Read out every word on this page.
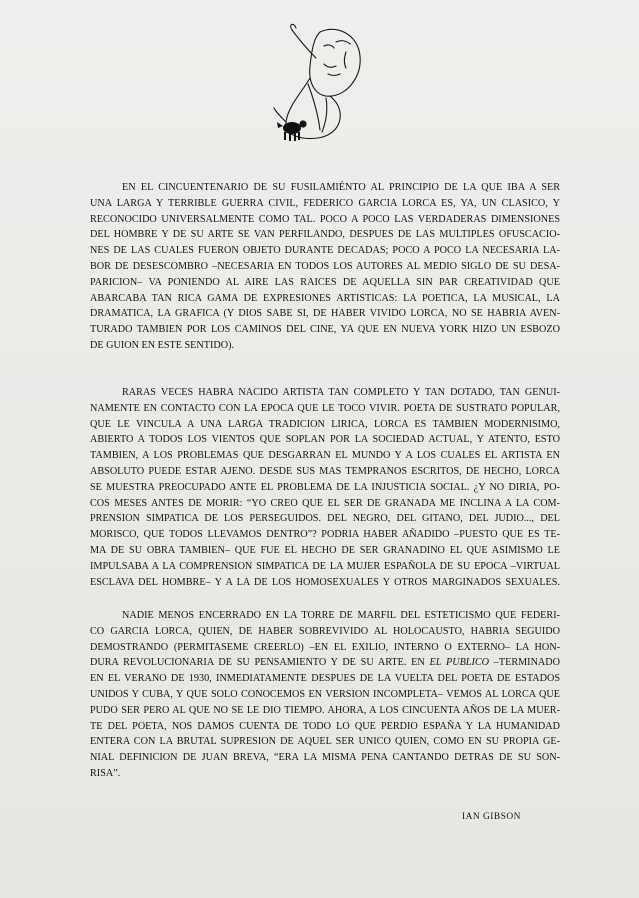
EN EL CINCUENTENARIO DE SU FUSILAMIÉNTO AL PRINCIPIO DE LA QUE IBA A SER
UNA LARGA Y TERRIBLE GUERRA CIVIL, FEDERICO GARCIA LORCA ES, YA, UN CLASICO, Y
RECONOCIDO UNIVERSALMENTE COMO TAL. POCO A POCO LAS VERDADERAS DIMENSIONES
DEL HOMBRE Y DE SU ARTE SE VAN PERFILANDO, DESPUES DE LAS MULTIPLES OFUSCACIO-
NES DE LAS CUALES FUERON OBJETO DURANTE DECADAS; POCO A POCO LA NECESARIA LA-
BOR DE DESESCOMBRO –NECESARIA EN TODOS LOS AUTORES AL MEDIO SIGLO DE SU DESA-
PARICION– VA PONIENDO AL AIRE LAS RAICES DE AQUELLA SIN PAR CREATIVIDAD QUE
ABARCABA TAN RICA GAMA DE EXPRESIONES ARTISTICAS: LA POETICA, LA MUSICAL, LA
DRAMATICA, LA GRAFICA (Y DIOS SABE SI, DE HABER VIVIDO LORCA, NO SE HABRIA AVEN-
TURADO TAMBIEN POR LOS CAMINOS DEL CINE, YA QUE EN NUEVA YORK HIZO UN ESBOZO
DE GUION EN ESTE SENTIDO).

RARAS VECES HABRA NACIDO ARTISTA TAN COMPLETO Y TAN DOTADO, TAN GENUI-
NAMENTE EN CONTACTO CON LA EPOCA QUE LE TOCO VIVIR. POETA DE SUSTRATO POPULAR,
QUE LE VINCULA A UNA LARGA TRADICION LIRICA, LORCA ES TAMBIEN MODERNISIMO,
ABIERTO A TODOS LOS VIENTOS QUE SOPLAN POR LA SOCIEDAD ACTUAL, Y ATENTO, ESTO
TAMBIEN, A LOS PROBLEMAS QUE DESGARRAN EL MUNDO Y A LOS CUALES EL ARTISTA EN
ABSOLUTO PUEDE ESTAR AJENO. DESDE SUS MAS TEMPRANOS ESCRITOS, DE HECHO, LORCA
SE MUESTRA PREOCUPADO ANTE EL PROBLEMA DE LA INJUSTICIA SOCIAL. ¿Y NO DIRIA, PO-
COS MESES ANTES DE MORIR: “YO CREO QUE EL SER DE GRANADA ME INCLINA A LA COM-
PRENSION SIMPATICA DE LOS PERSEGUIDOS. DEL NEGRO, DEL GITANO, DEL JUDIO..., DEL
MORISCO, QUE TODOS LLEVAMOS DENTRO”? PODRIA HABER AÑADIDO –PUESTO QUE ES TE-
MA DE SU OBRA TAMBIEN– QUE FUE EL HECHO DE SER GRANADINO EL QUE ASIMISMO LE
IMPULSABA A LA COMPRENSION SIMPATICA DE LA MUJER ESPAÑOLA DE SU EPOCA –VIRTUAL
ESCLAVA DEL HOMBRE– Y A LA DE LOS HOMOSEXUALES Y OTROS MARGINADOS SEXUALES.

NADIE MENOS ENCERRADO EN LA TORRE DE MARFIL DEL ESTETICISMO QUE FEDERI-
CO GARCIA LORCA, QUIEN, DE HABER SOBREVIVIDO AL HOLOCAUSTO, HABRIA SEGUIDO
DEMOSTRANDO (PERMITASEME CREERLO) –EN EL EXILIO, INTERNO O EXTERNO– LA HON-
DURA REVOLUCIONARIA DE SU PENSAMIENTO Y DE SU ARTE. EN EL PUBLICO –TERMINADO
EN EL VERANO DE 1930, INMEDIATAMENTE DESPUES DE LA VUELTA DEL POETA DE ESTADOS
UNIDOS Y CUBA, Y QUE SOLO CONOCEMOS EN VERSION INCOMPLETA– VEMOS AL LORCA QUE
PUDO SER PERO AL QUE NO SE LE DIO TIEMPO. AHORA, A LOS CINCUENTA AÑOS DE LA MUER-
TE DEL POETA, NOS DAMOS CUENTA DE TODO LO QUE PERDIO ESPAÑA Y LA HUMANIDAD
ENTERA CON LA BRUTAL SUPRESION DE AQUEL SER UNICO QUIEN, COMO EN SU PROPIA GE-
NIAL DEFINICION DE JUAN BREVA, “ERA LA MISMA PENA CANTANDO DETRAS DE SU SON-
RISA”.

IAN GIBSON
